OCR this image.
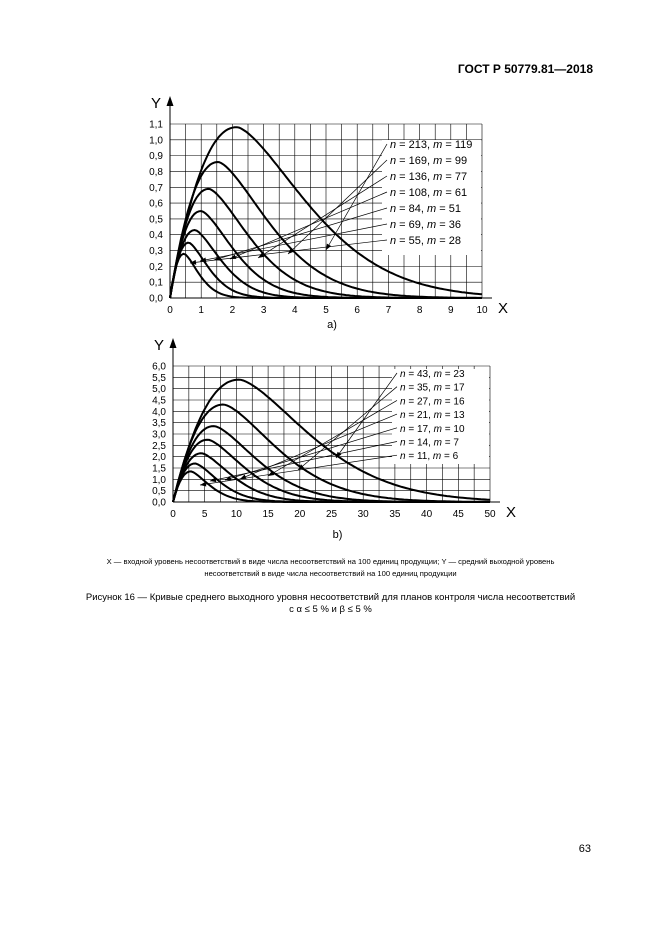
ГОСТ Р 50779.81—2018
0	1	2	3	4	5	6	7	8	9 10
0,0
0,1
0,2
0,3
0,4
0,5
0,6
0,7
0,8
0,9
1,0
1,1
X
Y
a)
n = 213, m = 119
n = 169, m = 99
n = 136, m = 77
n = 108, m = 61
n = 84, m = 51
n = 69, m = 36
n = 55, m = 28
0	5 10 15 20 25 30 35 40 45 50
0,0
0,5
1,0
1,5
2,0
2,5
3,0
3,5
4,0
4,5
5,0
5,5
6,0
X
Y
b)
n = 43, m = 23
n = 35, m = 17
n = 27, m = 16
n = 21, m = 13
n = 17, m = 10
n = 14, m = 7
n = 11, m = 6
X — входной уровень несоответствий в виде числа несоответствий на 100 единиц продукции; Y — средний выходной уровень
несоответствий в виде числа несоответствий на 100 единиц продукции
Рисунок 16 — Кривые среднего выходного уровня несоответствий для планов контроля числа несоответствий
с α ≤ 5 % и β ≤ 5 %
63
